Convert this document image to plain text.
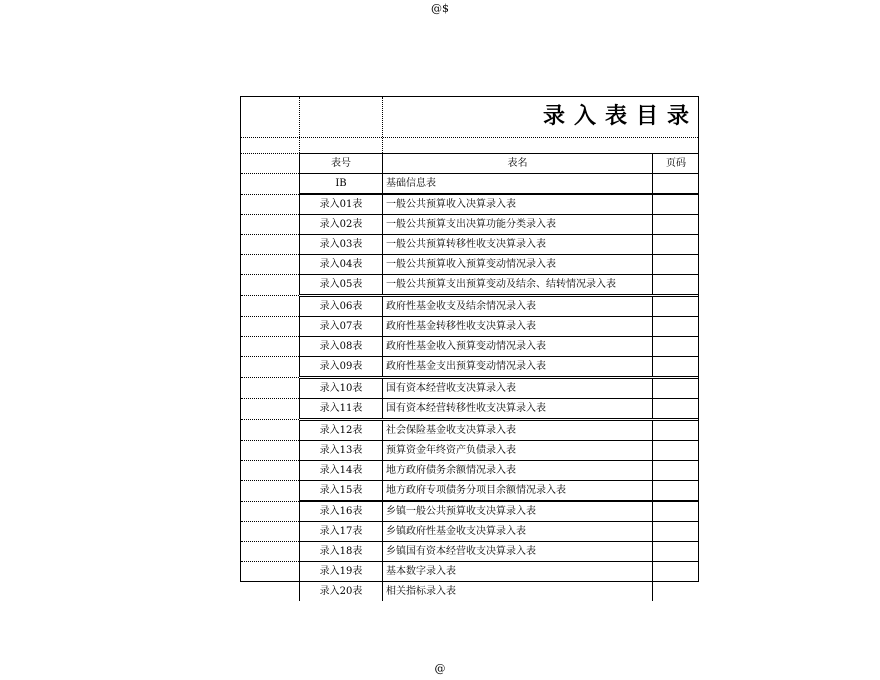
@$
录入表目录
	表号	表名	页码
	IB	基础信息表	
	录入01表	一般公共预算收入决算录入表	
	录入02表	一般公共预算支出决算功能分类录入表	
	录入03表	一般公共预算转移性收支决算录入表	
	录入04表	一般公共预算收入预算变动情况录入表	
	录入05表	一般公共预算支出预算变动及结余、结转情况录入表	
	录入06表	政府性基金收支及结余情况录入表	
	录入07表	政府性基金转移性收支决算录入表	
	录入08表	政府性基金收入预算变动情况录入表	
	录入09表	政府性基金支出预算变动情况录入表	
	录入10表	国有资本经营收支决算录入表	
	录入11表	国有资本经营转移性收支决算录入表	
	录入12表	社会保险基金收支决算录入表	
	录入13表	预算资金年终资产负债录入表	
	录入14表	地方政府债务余额情况录入表	
	录入15表	地方政府专项债务分项目余额情况录入表	
	录入16表	乡镇一般公共预算收支决算录入表	
	录入17表	乡镇政府性基金收支决算录入表	
	录入18表	乡镇国有资本经营收支决算录入表	
	录入19表	基本数字录入表	
	录入20表	相关指标录入表	
@
